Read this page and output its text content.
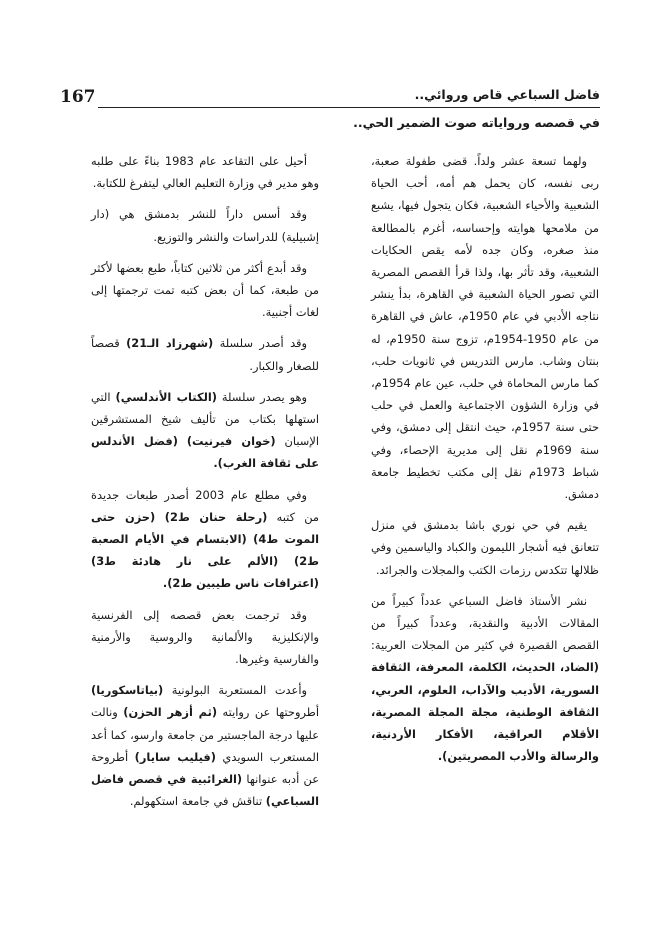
فاضل السباعي قاص وروائي..
في قصصه ورواياته صوت الضمير الحي..
167

ولهما تسعة عشر ولداً. قضى طفولة صعبة، ربى نفسه، كان يحمل هم أمه، أحب الحياة الشعبية والأحياء الشعبية، فكان يتجول فيها، يشبع من ملامحها هوايته وإحساسه، أغرم بالمطالعة منذ صغره، وكان جده لأمه يقص الحكايات الشعبية، وقد تأثر بها، ولذا قرأ القصص المصرية التي تصور الحياة الشعبية في القاهرة، بدأ ينشر نتاجه الأدبي في عام 1950م، عاش في القاهرة من عام 1950-1954م، تزوج سنة 1950م، له بنتان وشاب. مارس التدريس في ثانويات حلب، كما مارس المحاماة في حلب، عين عام 1954م، في وزارة الشؤون الاجتماعية والعمل في حلب حتى سنة 1957م، حيث انتقل إلى دمشق، وفي سنة 1969م نقل إلى مديرية الإحصاء، وفي شباط 1973م نقل إلى مكتب تخطيط جامعة دمشق.

يقيم في حي نوري باشا بدمشق في منزل تتعانق فيه أشجار الليمون والكباد والياسمين وفي ظلالها تتكدس رزمات الكتب والمجلات والجرائد.

نشر الأستاذ فاضل السباعي عدداً كبيراً من المقالات الأدبية والنقدية، وعدداً كبيراً من القصص القصيرة في كثير من المجلات العربية: (الضاد، الحديث، الكلمة، المعرفة، الثقافة السورية، الأديب والآداب، العلوم، العربي، الثقافة الوطنية، مجلة المجلة المصرية، الأقلام العراقية، الأفكار الأردنية، والرسالة والأدب المصريتين).

أحيل على التقاعد عام 1983 بناءً على طلبه وهو مدير في وزارة التعليم العالي ليتفرغ للكتابة.

وقد أسس داراً للنشر بدمشق هي (دار إشبيلية) للدراسات والنشر والتوزيع.

وقد أبدع أكثر من ثلاثين كتاباً، طبع بعضها لأكثر من طبعة، كما أن بعض كتبه تمت ترجمتها إلى لغات أجنبية.

وقد أصدر سلسلة (شهرزاد الـ21) قصصاً للصغار والكبار.

وهو يصدر سلسلة (الكتاب الأندلسي) التي استهلها بكتاب من تأليف شيخ المستشرقين الإسبان (خوان فيرنيت) (فضل الأندلس على ثقافة الغرب).

وفي مطلع عام 2003 أصدر طبعات جديدة من كتبه (رحلة حنان ط2) (حزن حتى الموت ط4) (الابتسام في الأيام الصعبة ط2) (الألم على نار هادئة ط3) (اعترافات ناس طيبين ط2).

وقد ترجمت بعض قصصه إلى الفرنسية والإنكليزية والألمانية والروسية والأرمنية والفارسية وغيرها.

وأعدت المستعربة البولونية (بياتاسكوريا) أطروحتها عن روايته (ثم أزهر الحزن) ونالت عليها درجة الماجستير من جامعة وارسو، كما أعد المستعرب السويدي (فيليب سايار) أطروحة عن أدبه عنوانها (الغرائبية في قصص فاضل السباعي) تناقش في جامعة استكهولم.
